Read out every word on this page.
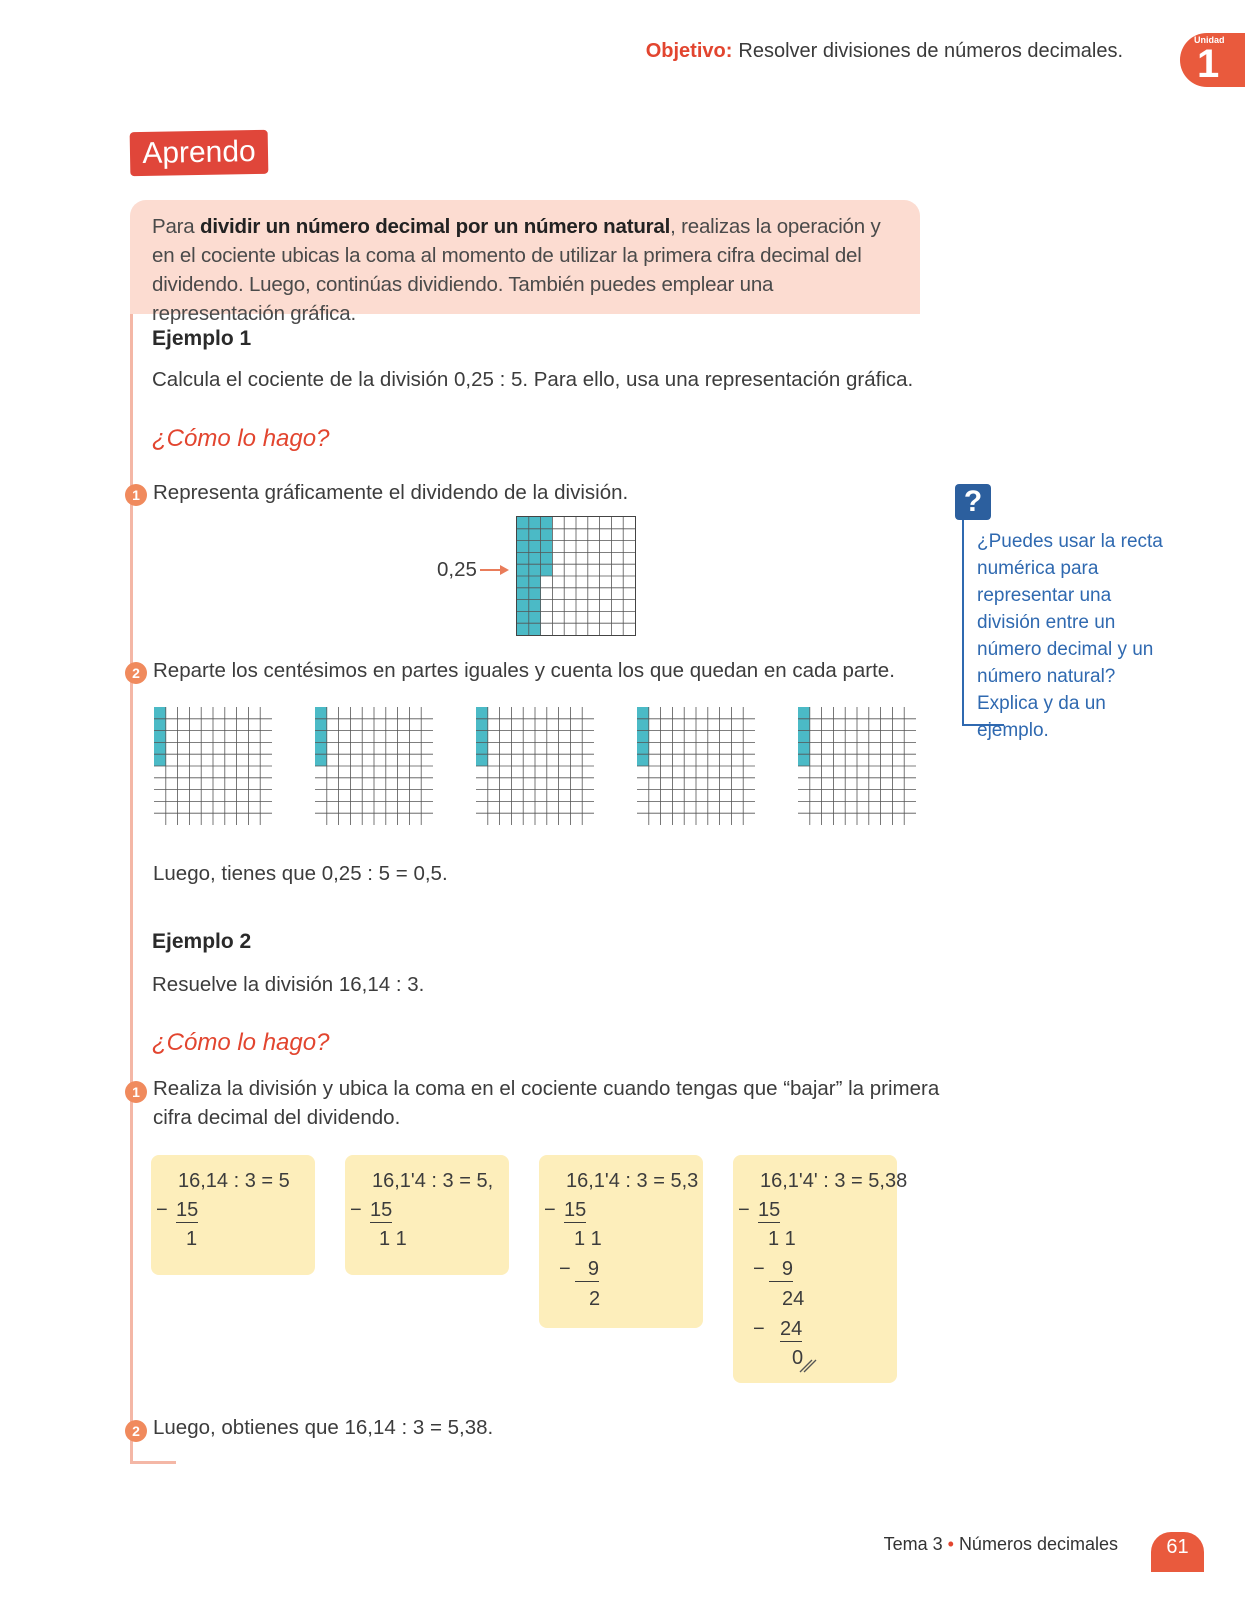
Objetivo: Resolver divisiones de números decimales.	Unidad
1
Aprendo
Para dividir un número decimal por un número natural, realizas la operación y en el cociente ubicas la coma al momento de utilizar la primera cifra decimal del dividendo. Luego, continúas dividiendo. También puedes emplear una representación gráfica.
Ejemplo 1
Calcula el cociente de la división 0,25 : 5. Para ello, usa una representación gráfica.
¿Cómo lo hago?
1 Representa gráficamente el dividendo de la división.
0,25
2 Reparte los centésimos en partes iguales y cuenta los que quedan en cada parte.
Luego, tienes que 0,25 : 5 = 0,5.
Ejemplo 2
Resuelve la división 16,14 : 3.
¿Cómo lo hago?
1 Realiza la división y ubica la coma en el cociente cuando tengas que “bajar” la primera
cifra decimal del dividendo.
16,14 : 3 = 5
− 15
1
16,1'4 : 3 = 5,
− 15
1 1
16,1'4 : 3 = 5,3
− 15
1 1
− 9
2
16,1'4' : 3 = 5,38
− 15
1 1
− 9
24
− 24
0
2 Luego, obtienes que 16,14 : 3 = 5,38.
?
¿Puedes usar la recta numérica para representar una división entre un número decimal y un número natural? Explica y da un ejemplo.
Tema 3 • Números decimales	61
